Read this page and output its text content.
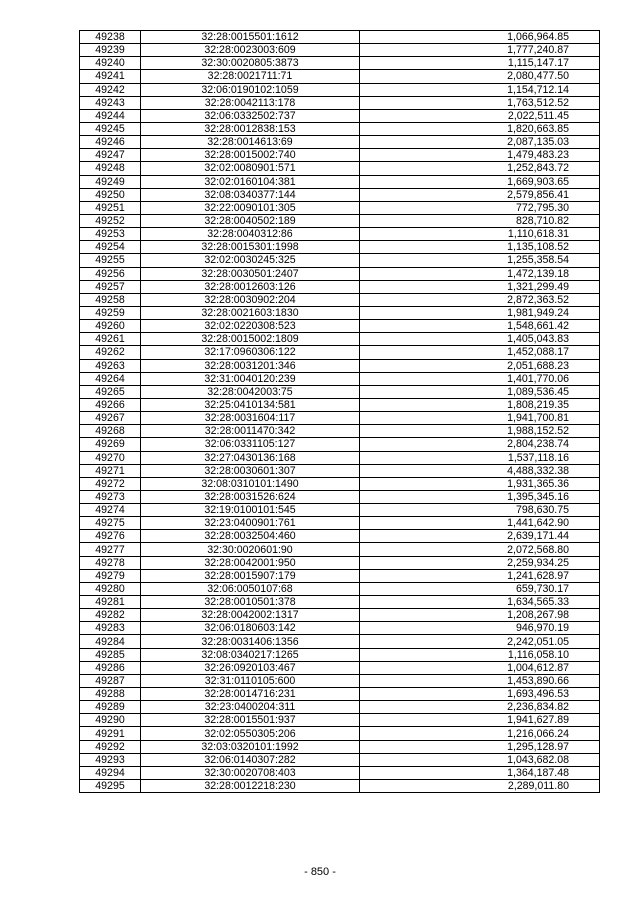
49238	32:28:0015501:1612	1,066,964.85
49239	32:28:0023003:609	1,777,240.87
49240	32:30:0020805:3873	1,115,147.17
49241	32:28:0021711:71	2,080,477.50
49242	32:06:0190102:1059	1,154,712.14
49243	32:28:0042113:178	1,763,512.52
49244	32:06:0332502:737	2,022,511.45
49245	32:28:0012838:153	1,820,663.85
49246	32:28:0014613:69	2,087,135.03
49247	32:28:0015002:740	1,479,483.23
49248	32:02:0080901:571	1,252,843.72
49249	32:02:0160104:381	1,669,903.65
49250	32:08:0340377:144	2,579,856.41
49251	32:22:0090101:305	772,795.30
49252	32:28:0040502:189	828,710.82
49253	32:28:0040312:86	1,110,618.31
49254	32:28:0015301:1998	1,135,108.52
49255	32:02:0030245:325	1,255,358.54
49256	32:28:0030501:2407	1,472,139.18
49257	32:28:0012603:126	1,321,299.49
49258	32:28:0030902:204	2,872,363.52
49259	32:28:0021603:1830	1,981,949.24
49260	32:02:0220308:523	1,548,661.42
49261	32:28:0015002:1809	1,405,043.83
49262	32:17:0960306:122	1,452,088.17
49263	32:28:0031201:346	2,051,688.23
49264	32:31:0040120:239	1,401,770.06
49265	32:28:0042003:75	1,089,536.45
49266	32:25:0410134:581	1,808,219.35
49267	32:28:0031604:117	1,941,700.81
49268	32:28:0011470:342	1,988,152.52
49269	32:06:0331105:127	2,804,238.74
49270	32:27:0430136:168	1,537,118.16
49271	32:28:0030601:307	4,488,332.38
49272	32:08:0310101:1490	1,931,365.36
49273	32:28:0031526:624	1,395,345.16
49274	32:19:0100101:545	798,630.75
49275	32:23:0400901:761	1,441,642.90
49276	32:28:0032504:460	2,639,171.44
49277	32:30:0020601:90	2,072,568.80
49278	32:28:0042001:950	2,259,934.25
49279	32:28:0015907:179	1,241,628.97
49280	32:06:0050107:68	659,730.17
49281	32:28:0010501:378	1,634,565.33
49282	32:28:0042002:1317	1,208,267.98
49283	32:06:0180603:142	946,970.19
49284	32:28:0031406:1356	2,242,051.05
49285	32:08:0340217:1265	1,116,058.10
49286	32:26:0920103:467	1,004,612.87
49287	32:31:0110105:600	1,453,890.66
49288	32:28:0014716:231	1,693,496.53
49289	32:23:0400204:311	2,236,834.82
49290	32:28:0015501:937	1,941,627.89
49291	32:02:0550305:206	1,216,066.24
49292	32:03:0320101:1992	1,295,128.97
49293	32:06:0140307:282	1,043,682.08
49294	32:30:0020708:403	1,364,187.48
49295	32:28:0012218:230	2,289,011.80
- 850 -
